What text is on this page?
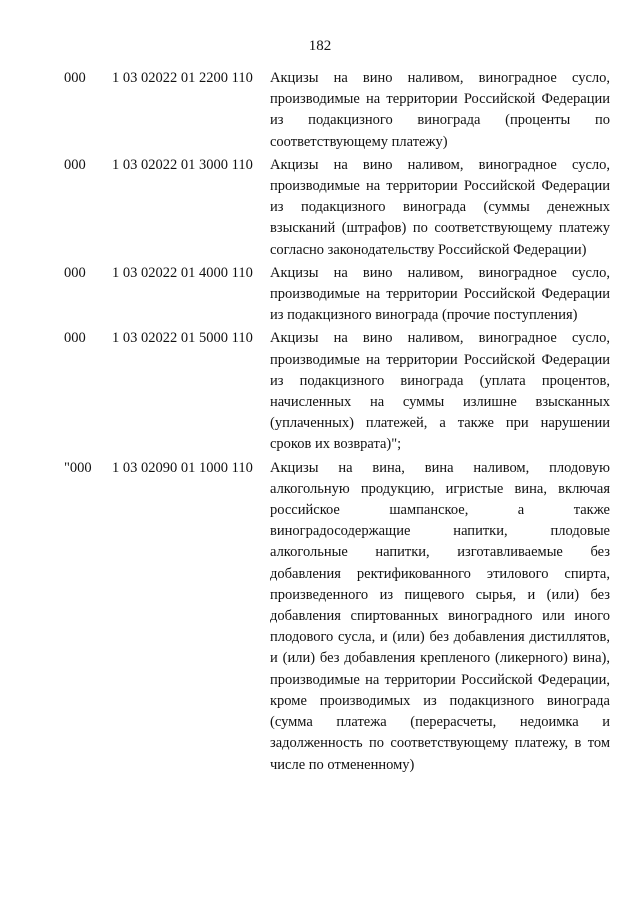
182
000	1 03 02022 01 2200 110	Акцизы на вино наливом, виноградное сусло, производимые на территории Российской Федерации из подакцизного винограда (проценты по соответствующему платежу)
000	1 03 02022 01 3000 110	Акцизы на вино наливом, виноградное сусло, производимые на территории Российской Федерации из подакцизного винограда (суммы денежных взысканий (штрафов) по соответствующему платежу согласно законодательству Российской Федерации)
000	1 03 02022 01 4000 110	Акцизы на вино наливом, виноградное сусло, производимые на территории Российской Федерации из подакцизного винограда (прочие поступления)
000	1 03 02022 01 5000 110	Акцизы на вино наливом, виноградное сусло, производимые на территории Российской Федерации из подакцизного винограда (уплата процентов, начисленных на суммы излишне взысканных (уплаченных) платежей, а также при нарушении сроков их возврата)";
"000	1 03 02090 01 1000 110	Акцизы на вина, вина наливом, плодовую алкогольную продукцию, игристые вина, включая российское шампанское, а также виноградосодержащие напитки, плодовые алкогольные напитки, изготавливаемые без добавления ректификованного этилового спирта, произведенного из пищевого сырья, и (или) без добавления спиртованных виноградного или иного плодового сусла, и (или) без добавления дистиллятов, и (или) без добавления крепленого (ликерного) вина), производимые на территории Российской Федерации, кроме производимых из подакцизного винограда (сумма платежа (перерасчеты, недоимка и задолженность по соответствующему платежу, в том числе по отмененному)
